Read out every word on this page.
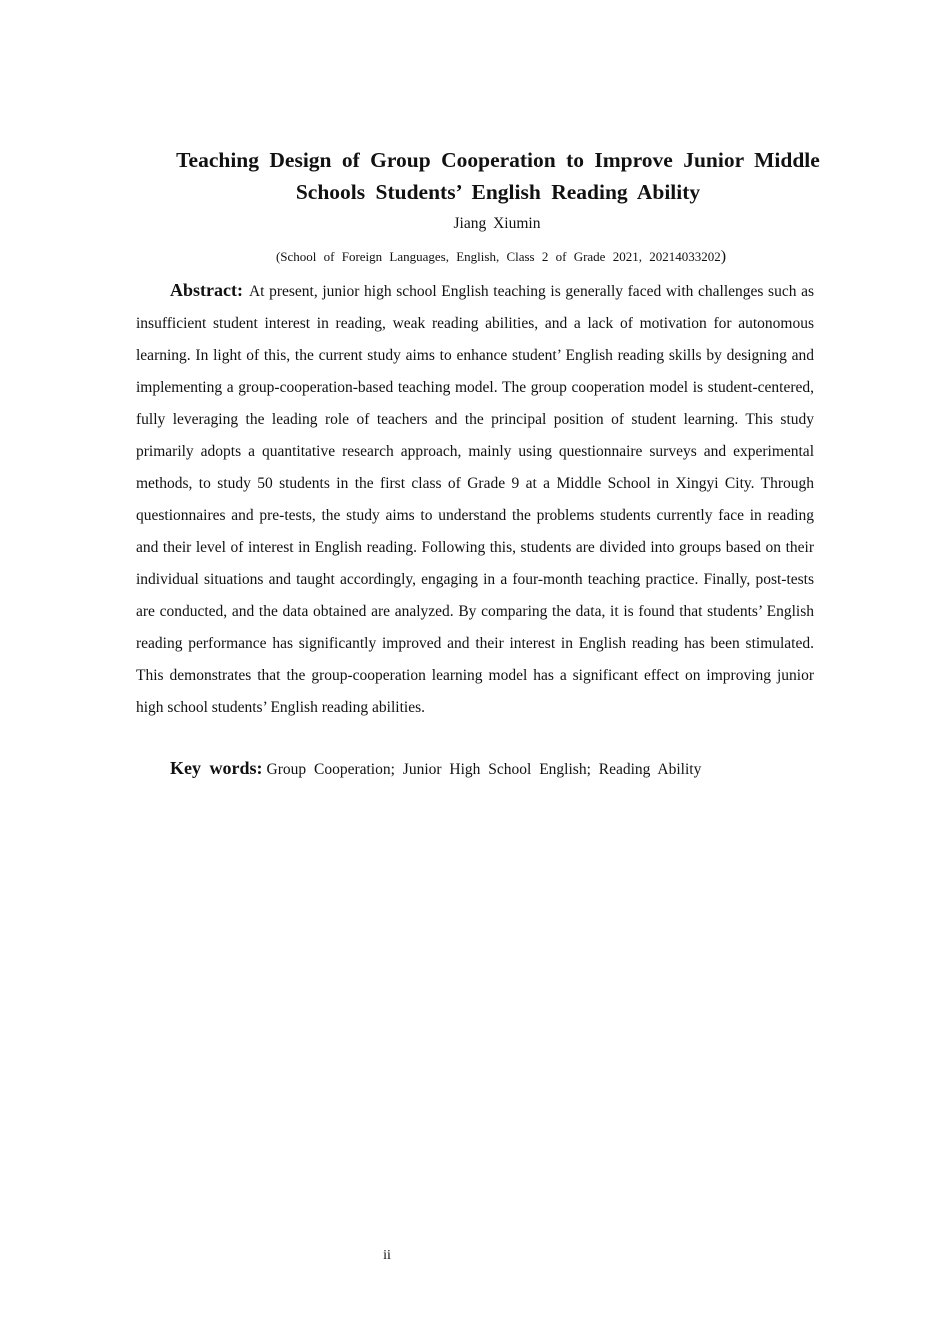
Teaching Design of Group Cooperation to Improve Junior Middle
Schools Students’ English Reading Ability
Jiang Xiumin
(School of Foreign Languages, English, Class 2 of Grade 2021, 20214033202)

Abstract: At present, junior high school English teaching is generally faced with challenges such as insufficient student interest in reading, weak reading abilities, and a lack of motivation for autonomous learning. In light of this, the current study aims to enhance student’ English reading skills by designing and implementing a group-cooperation-based teaching model. The group cooperation model is student-centered, fully leveraging the leading role of teachers and the principal position of student learning. This study primarily adopts a quantitative research approach, mainly using questionnaire surveys and experimental methods, to study 50 students in the first class of Grade 9 at a Middle School in Xingyi City. Through questionnaires and pre-tests, the study aims to understand the problems students currently face in reading and their level of interest in English reading. Following this, students are divided into groups based on their individual situations and taught accordingly, engaging in a four-month teaching practice. Finally, post-tests are conducted, and the data obtained are analyzed. By comparing the data, it is found that students’ English reading performance has significantly improved and their interest in English reading has been stimulated. This demonstrates that the group-cooperation learning model has a significant effect on improving junior high school students’ English reading abilities.

Key words: Group Cooperation; Junior High School English; Reading Ability

ii
